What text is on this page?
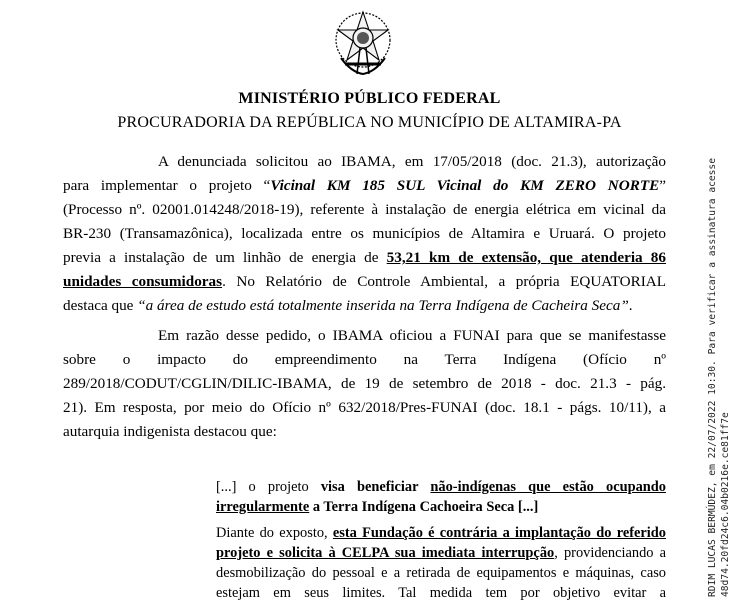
MINISTÉRIO PÚBLICO FEDERAL
PROCURADORIA DA REPÚBLICA NO MUNICÍPIO DE ALTAMIRA-PA
A denunciada solicitou ao IBAMA, em 17/05/2018 (doc. 21.3), autorização
para implementar o projeto “Vicinal KM 185 SUL Vicinal do KM ZERO NORTE”
(Processo nº. 02001.014248/2018-19), referente à instalação de energia elétrica em vicinal da
BR-230 (Transamazônica), localizada entre os municípios de Altamira e Uruará. O projeto
previa a instalação de um linhão de energia de 53,21 km de extensão, que atenderia 86
unidades consumidoras. No Relatório de Controle Ambiental, a própria EQUATORIAL
destaca que “a área de estudo está totalmente inserida na Terra Indígena de Cacheira Seca”.
Em razão desse pedido, o IBAMA oficiou a FUNAI para que se manifestasse
sobre o impacto do empreendimento na Terra Indígena (Ofício nº
289/2018/CODUT/CGLIN/DILIC-IBAMA, de 19 de setembro de 2018 - doc. 21.3 - pág.
21). Em resposta, por meio do Ofício nº 632/2018/Pres-FUNAI (doc. 18.1 - págs. 10/11), a
autarquia indigenista destacou que:
[...] o projeto visa beneficiar não-indígenas que estão ocupando
irregularmente a Terra Indígena Cachoeira Seca [...]
Diante do exposto, esta Fundação é contrária a implantação do referido
projeto e solicita à CELPA sua imediata interrupção, providenciando a
desmobilização do pessoal e a retirada de equipamentos e máquinas, caso
estejam em seus limites. Tal medida tem por objetivo evitar a	RDIM LUCAS BERMÚDEZ, em 22/07/2022 10:30. Para verificar a assinatura acesse 48d74.20fd24c6.04b0216e.ce81ff7e
